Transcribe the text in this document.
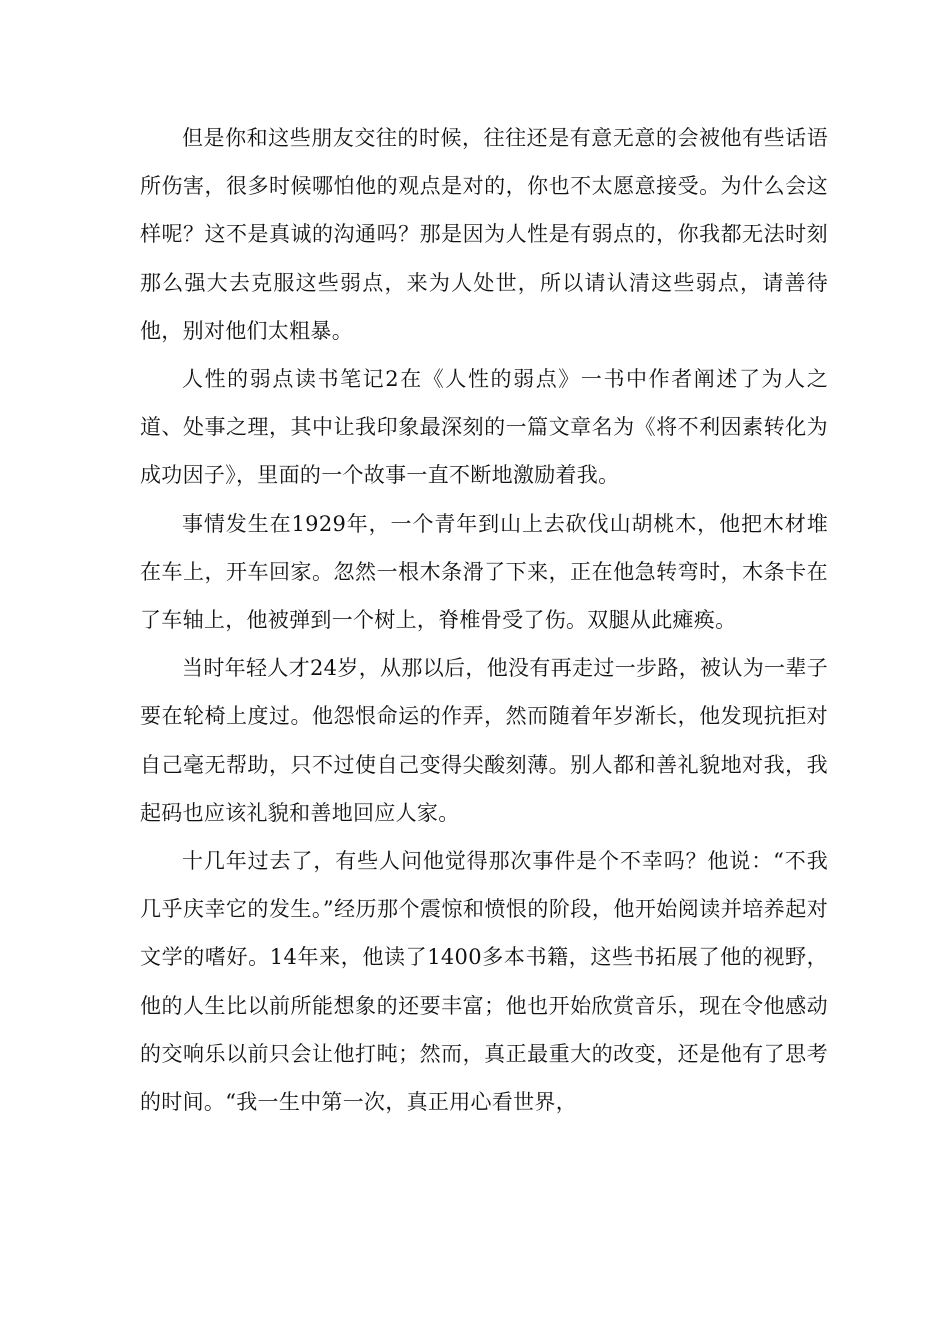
但是你和这些朋友交往的时候，往往还是有意无意的会被他有些话语所伤害，很多时候哪怕他的观点是对的，你也不太愿意接受。为什么会这样呢？这不是真诚的沟通吗？那是因为人性是有弱点的，你我都无法时刻那么强大去克服这些弱点，来为人处世，所以请认清这些弱点，请善待他，别对他们太粗暴。

人性的弱点读书笔记2在《人性的弱点》一书中作者阐述了为人之道、处事之理，其中让我印象最深刻的一篇文章名为《将不利因素转化为成功因子》，里面的一个故事一直不断地激励着我。

事情发生在1929年，一个青年到山上去砍伐山胡桃木，他把木材堆在车上，开车回家。忽然一根木条滑了下来，正在他急转弯时，木条卡在了车轴上，他被弹到一个树上，脊椎骨受了伤。双腿从此瘫痪。

当时年轻人才24岁，从那以后，他没有再走过一步路，被认为一辈子要在轮椅上度过。他怨恨命运的作弄，然而随着年岁渐长，他发现抗拒对自己毫无帮助，只不过使自己变得尖酸刻薄。别人都和善礼貌地对我，我起码也应该礼貌和善地回应人家。

十几年过去了，有些人问他觉得那次事件是个不幸吗？他说：“不我几乎庆幸它的发生。”经历那个震惊和愤恨的阶段，他开始阅读并培养起对文学的嗜好。14年来，他读了1400多本书籍，这些书拓展了他的视野，他的人生比以前所能想象的还要丰富；他也开始欣赏音乐，现在令他感动的交响乐以前只会让他打盹；然而，真正最重大的改变，还是他有了思考的时间。“我一生中第一次，真正用心看世界，
